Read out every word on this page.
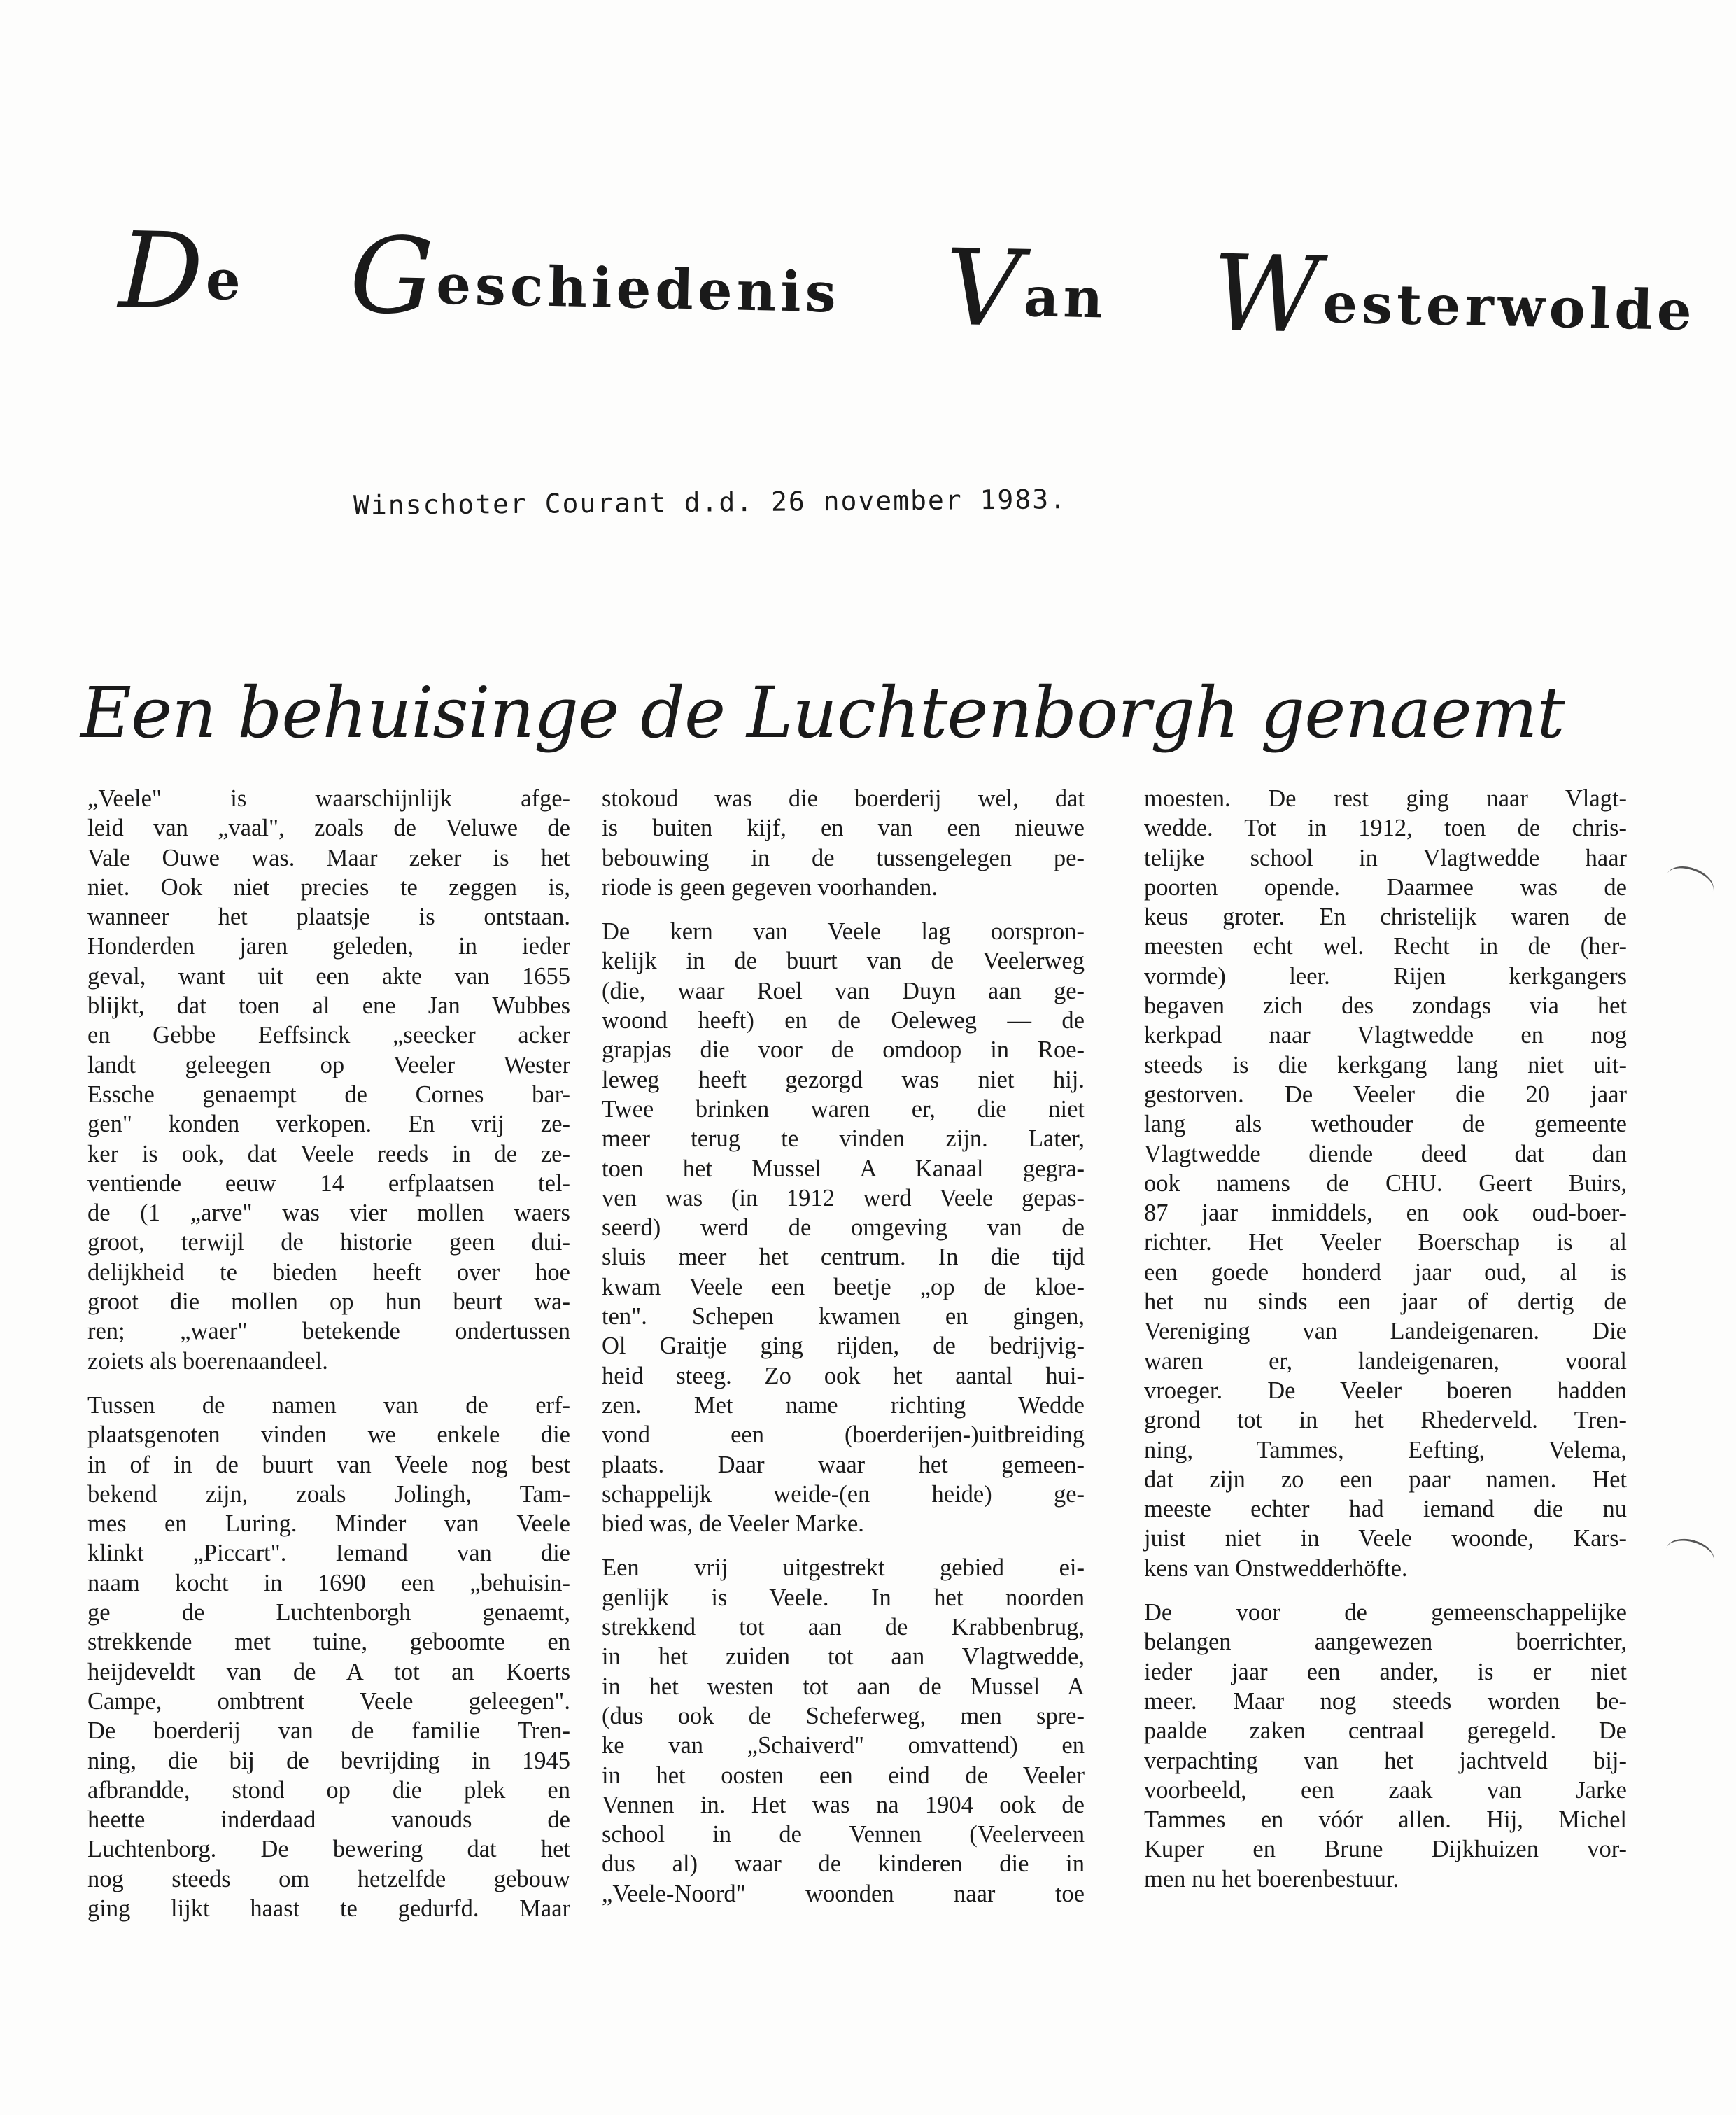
De Geschiedenis Van Westerwolde
Winschoter Courant d.d. 26 november 1983.
Een behuisinge de Luchtenborgh genaemt
„Veele" is waarschijnlijk afge-
leid van „vaal", zoals de Veluwe de
Vale Ouwe was. Maar zeker is het
niet. Ook niet precies te zeggen is,
wanneer het plaatsje is ontstaan.
Honderden jaren geleden, in ieder
geval, want uit een akte van 1655
blijkt, dat toen al ene Jan Wubbes
en Gebbe Eeffsinck „seecker acker
landt geleegen op Veeler Wester
Essche genaempt de Cornes bar-
gen" konden verkopen. En vrij ze-
ker is ook, dat Veele reeds in de ze-
ventiende eeuw 14 erfplaatsen tel-
de (1 „arve" was vier mollen waers
groot, terwijl de historie geen dui-
delijkheid te bieden heeft over hoe
groot die mollen op hun beurt wa-
ren; „waer" betekende ondertussen
zoiets als boerenaandeel.
Tussen de namen van de erf-
plaatsgenoten vinden we enkele die
in of in de buurt van Veele nog best
bekend zijn, zoals Jolingh, Tam-
mes en Luring. Minder van Veele
klinkt „Piccart". Iemand van die
naam kocht in 1690 een „behuisin-
ge de Luchtenborgh genaemt,
strekkende met tuine, geboomte en
heijdeveldt van de A tot an Koerts
Campe, ombtrent Veele geleegen".
De boerderij van de familie Tren-
ning, die bij de bevrijding in 1945
afbrandde, stond op die plek en
heette inderdaad vanouds de
Luchtenborg. De bewering dat het
nog steeds om hetzelfde gebouw
ging lijkt haast te gedurfd. Maar
stokoud was die boerderij wel, dat
is buiten kijf, en van een nieuwe
bebouwing in de tussengelegen pe-
riode is geen gegeven voorhanden.
De kern van Veele lag oorspron-
kelijk in de buurt van de Veelerweg
(die, waar Roel van Duyn aan ge-
woond heeft) en de Oeleweg — de
grapjas die voor de omdoop in Roe-
leweg heeft gezorgd was niet hij.
Twee brinken waren er, die niet
meer terug te vinden zijn. Later,
toen het Mussel A Kanaal gegra-
ven was (in 1912 werd Veele gepas-
seerd) werd de omgeving van de
sluis meer het centrum. In die tijd
kwam Veele een beetje „op de kloe-
ten". Schepen kwamen en gingen,
Ol Graitje ging rijden, de bedrijvig-
heid steeg. Zo ook het aantal hui-
zen. Met name richting Wedde
vond een (boerderijen-)uitbreiding
plaats. Daar waar het gemeen-
schappelijk weide-(en heide) ge-
bied was, de Veeler Marke.
Een vrij uitgestrekt gebied ei-
genlijk is Veele. In het noorden
strekkend tot aan de Krabbenbrug,
in het zuiden tot aan Vlagtwedde,
in het westen tot aan de Mussel A
(dus ook de Scheferweg, men spre-
ke van „Schaiverd" omvattend) en
in het oosten een eind de Veeler
Vennen in. Het was na 1904 ook de
school in de Vennen (Veelerveen
dus al) waar de kinderen die in
„Veele-Noord" woonden naar toe
moesten. De rest ging naar Vlagt-
wedde. Tot in 1912, toen de chris-
telijke school in Vlagtwedde haar
poorten opende. Daarmee was de
keus groter. En christelijk waren de
meesten echt wel. Recht in de (her-
vormde) leer. Rijen kerkgangers
begaven zich des zondags via het
kerkpad naar Vlagtwedde en nog
steeds is die kerkgang lang niet uit-
gestorven. De Veeler die 20 jaar
lang als wethouder de gemeente
Vlagtwedde diende deed dat dan
ook namens de CHU. Geert Buirs,
87 jaar inmiddels, en ook oud-boer-
richter. Het Veeler Boerschap is al
een goede honderd jaar oud, al is
het nu sinds een jaar of dertig de
Vereniging van Landeigenaren. Die
waren er, landeigenaren, vooral
vroeger. De Veeler boeren hadden
grond tot in het Rhederveld. Tren-
ning, Tammes, Eefting, Velema,
dat zijn zo een paar namen. Het
meeste echter had iemand die nu
juist niet in Veele woonde, Kars-
kens van Onstwedderhöfte.
De voor de gemeenschappelijke
belangen aangewezen boerrichter,
ieder jaar een ander, is er niet
meer. Maar nog steeds worden be-
paalde zaken centraal geregeld. De
verpachting van het jachtveld bij-
voorbeeld, een zaak van Jarke
Tammes en vóór allen. Hij, Michel
Kuper en Brune Dijkhuizen vor-
men nu het boerenbestuur.
